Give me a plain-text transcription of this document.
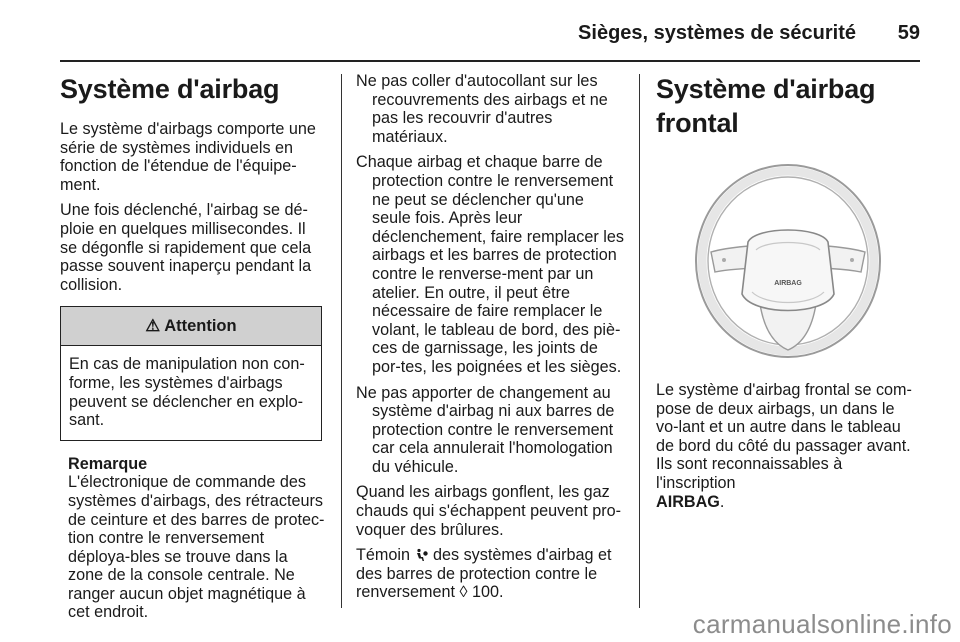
Sièges, systèmes de sécurité 59
Système d'airbag

Le système d'airbags comporte une série de systèmes individuels en fonction de l'étendue de l'équipe-ment.

Une fois déclenché, l'airbag se dé-ploie en quelques millisecondes. Il se dégonfle si rapidement que cela passe souvent inaperçu pendant la collision.

⚠ Attention
En cas de manipulation non con-forme, les systèmes d'airbags peuvent se déclencher en explo-sant.
Remarque
L'électronique de commande des systèmes d'airbags, des rétracteurs de ceinture et des barres de protec-tion contre le renversement déploya-bles se trouve dans la zone de la console centrale. Ne ranger aucun objet magnétique à cet endroit.

Ne pas coller d'autocollant sur les recouvrements des airbags et ne pas les recouvrir d'autres matériaux.

Chaque airbag et chaque barre de protection contre le renversement ne peut se déclencher qu'une seule fois. Après leur déclenchement, faire remplacer les airbags et les barres de protection contre le renverse-ment par un atelier. En outre, il peut être nécessaire de faire remplacer le volant, le tableau de bord, des piè-ces de garnissage, les joints de por-tes, les poignées et les sièges.

Ne pas apporter de changement au système d'airbag ni aux barres de protection contre le renversement car cela annulerait l'homologation du véhicule.

Quand les airbags gonflent, les gaz chauds qui s'échappent peuvent pro-voquer des brûlures.

Témoin des systèmes d'airbag et des barres de protection contre le renversement ◊ 100.

Système d'airbag frontal
AIRBAG

Le système d'airbag frontal se com-pose de deux airbags, un dans le vo-lant et un autre dans le tableau de bord du côté du passager avant. Ils sont reconnaissables à l'inscription
AIRBAG.

carmanualsonline.info
